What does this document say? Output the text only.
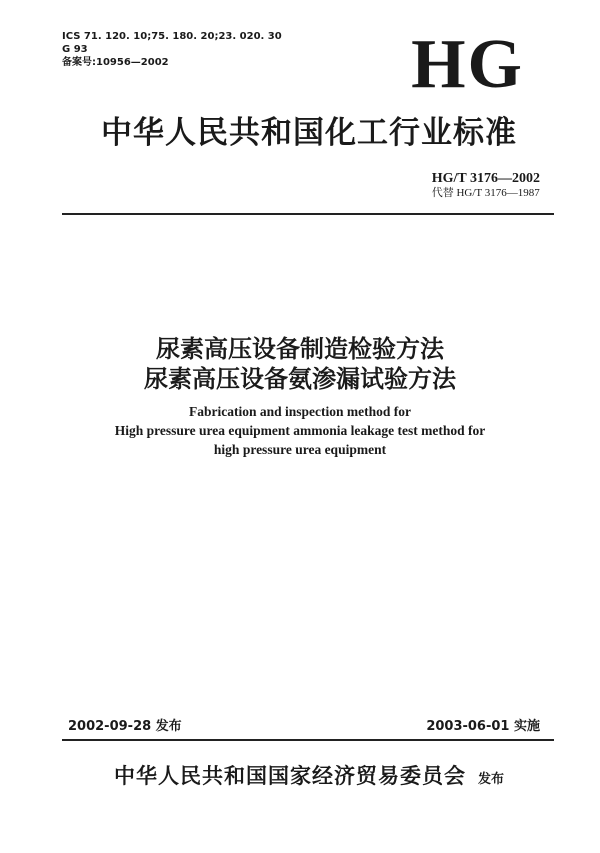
ICS 71. 120. 10;75. 180. 20;23. 020. 30
G 93
备案号:10956—2002	HG
中华人民共和国化工行业标准
HG/T 3176—2002
代替 HG/T 3176—1987
尿素高压设备制造检验方法
尿素高压设备氨渗漏试验方法
Fabrication and inspection method for
High pressure urea equipment ammonia leakage test method for
high pressure urea equipment
2002-09-28 发布	2003-06-01 实施
中华人民共和国国家经济贸易委员会 发布
